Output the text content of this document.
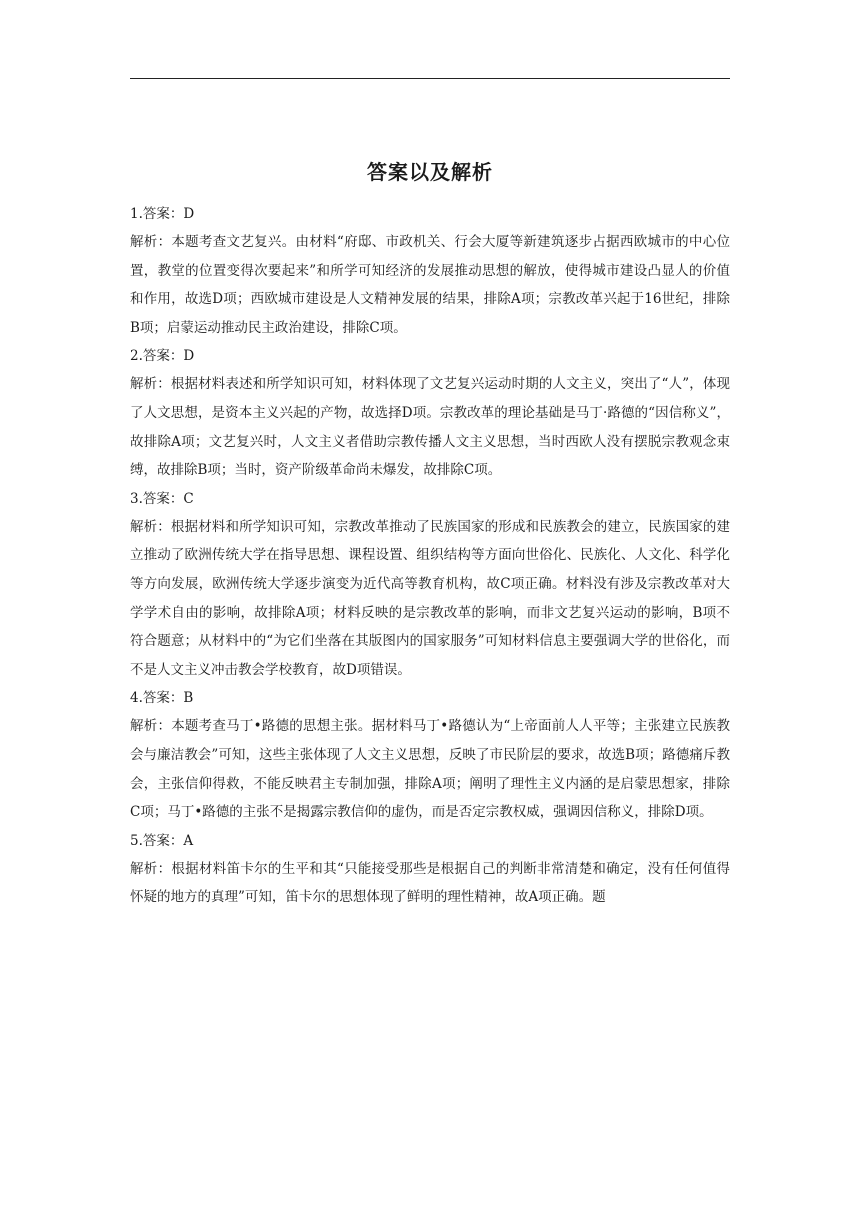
答案以及解析

1.答案：D

解析：本题考查文艺复兴。由材料“府邸、市政机关、行会大厦等新建筑逐步占据西欧城市的中心位置，教堂的位置变得次要起来”和所学可知经济的发展推动思想的解放，使得城市建设凸显人的价值和作用，故选D项；西欧城市建设是人文精神发展的结果，排除A项；宗教改革兴起于16世纪，排除B项；启蒙运动推动民主政治建设，排除C项。

2.答案：D

解析：根据材料表述和所学知识可知，材料体现了文艺复兴运动时期的人文主义，突出了“人”，体现了人文思想，是资本主义兴起的产物，故选择D项。宗教改革的理论基础是马丁·路德的“因信称义”，故排除A项；文艺复兴时，人文主义者借助宗教传播人文主义思想，当时西欧人没有摆脱宗教观念束缚，故排除B项；当时，资产阶级革命尚未爆发，故排除C项。

3.答案：C

解析：根据材料和所学知识可知，宗教改革推动了民族国家的形成和民族教会的建立，民族国家的建立推动了欧洲传统大学在指导思想、课程设置、组织结构等方面向世俗化、民族化、人文化、科学化等方向发展，欧洲传统大学逐步演变为近代高等教育机构，故C项正确。材料没有涉及宗教改革对大学学术自由的影响，故排除A项；材料反映的是宗教改革的影响，而非文艺复兴运动的影响，B项不符合题意；从材料中的“为它们坐落在其版图内的国家服务”可知材料信息主要强调大学的世俗化，而不是人文主义冲击教会学校教育，故D项错误。

4.答案：B

解析：本题考查马丁•路德的思想主张。据材料马丁•路德认为“上帝面前人人平等；主张建立民族教会与廉洁教会”可知，这些主张体现了人文主义思想，反映了市民阶层的要求，故选B项；路德痛斥教会，主张信仰得救，不能反映君主专制加强，排除A项；阐明了理性主义内涵的是启蒙思想家，排除C项；马丁•路德的主张不是揭露宗教信仰的虚伪，而是否定宗教权威，强调因信称义，排除D项。

5.答案：A

解析：根据材料笛卡尔的生平和其“只能接受那些是根据自己的判断非常清楚和确定，没有任何值得怀疑的地方的真理”可知，笛卡尔的思想体现了鲜明的理性精神，故A项正确。题
